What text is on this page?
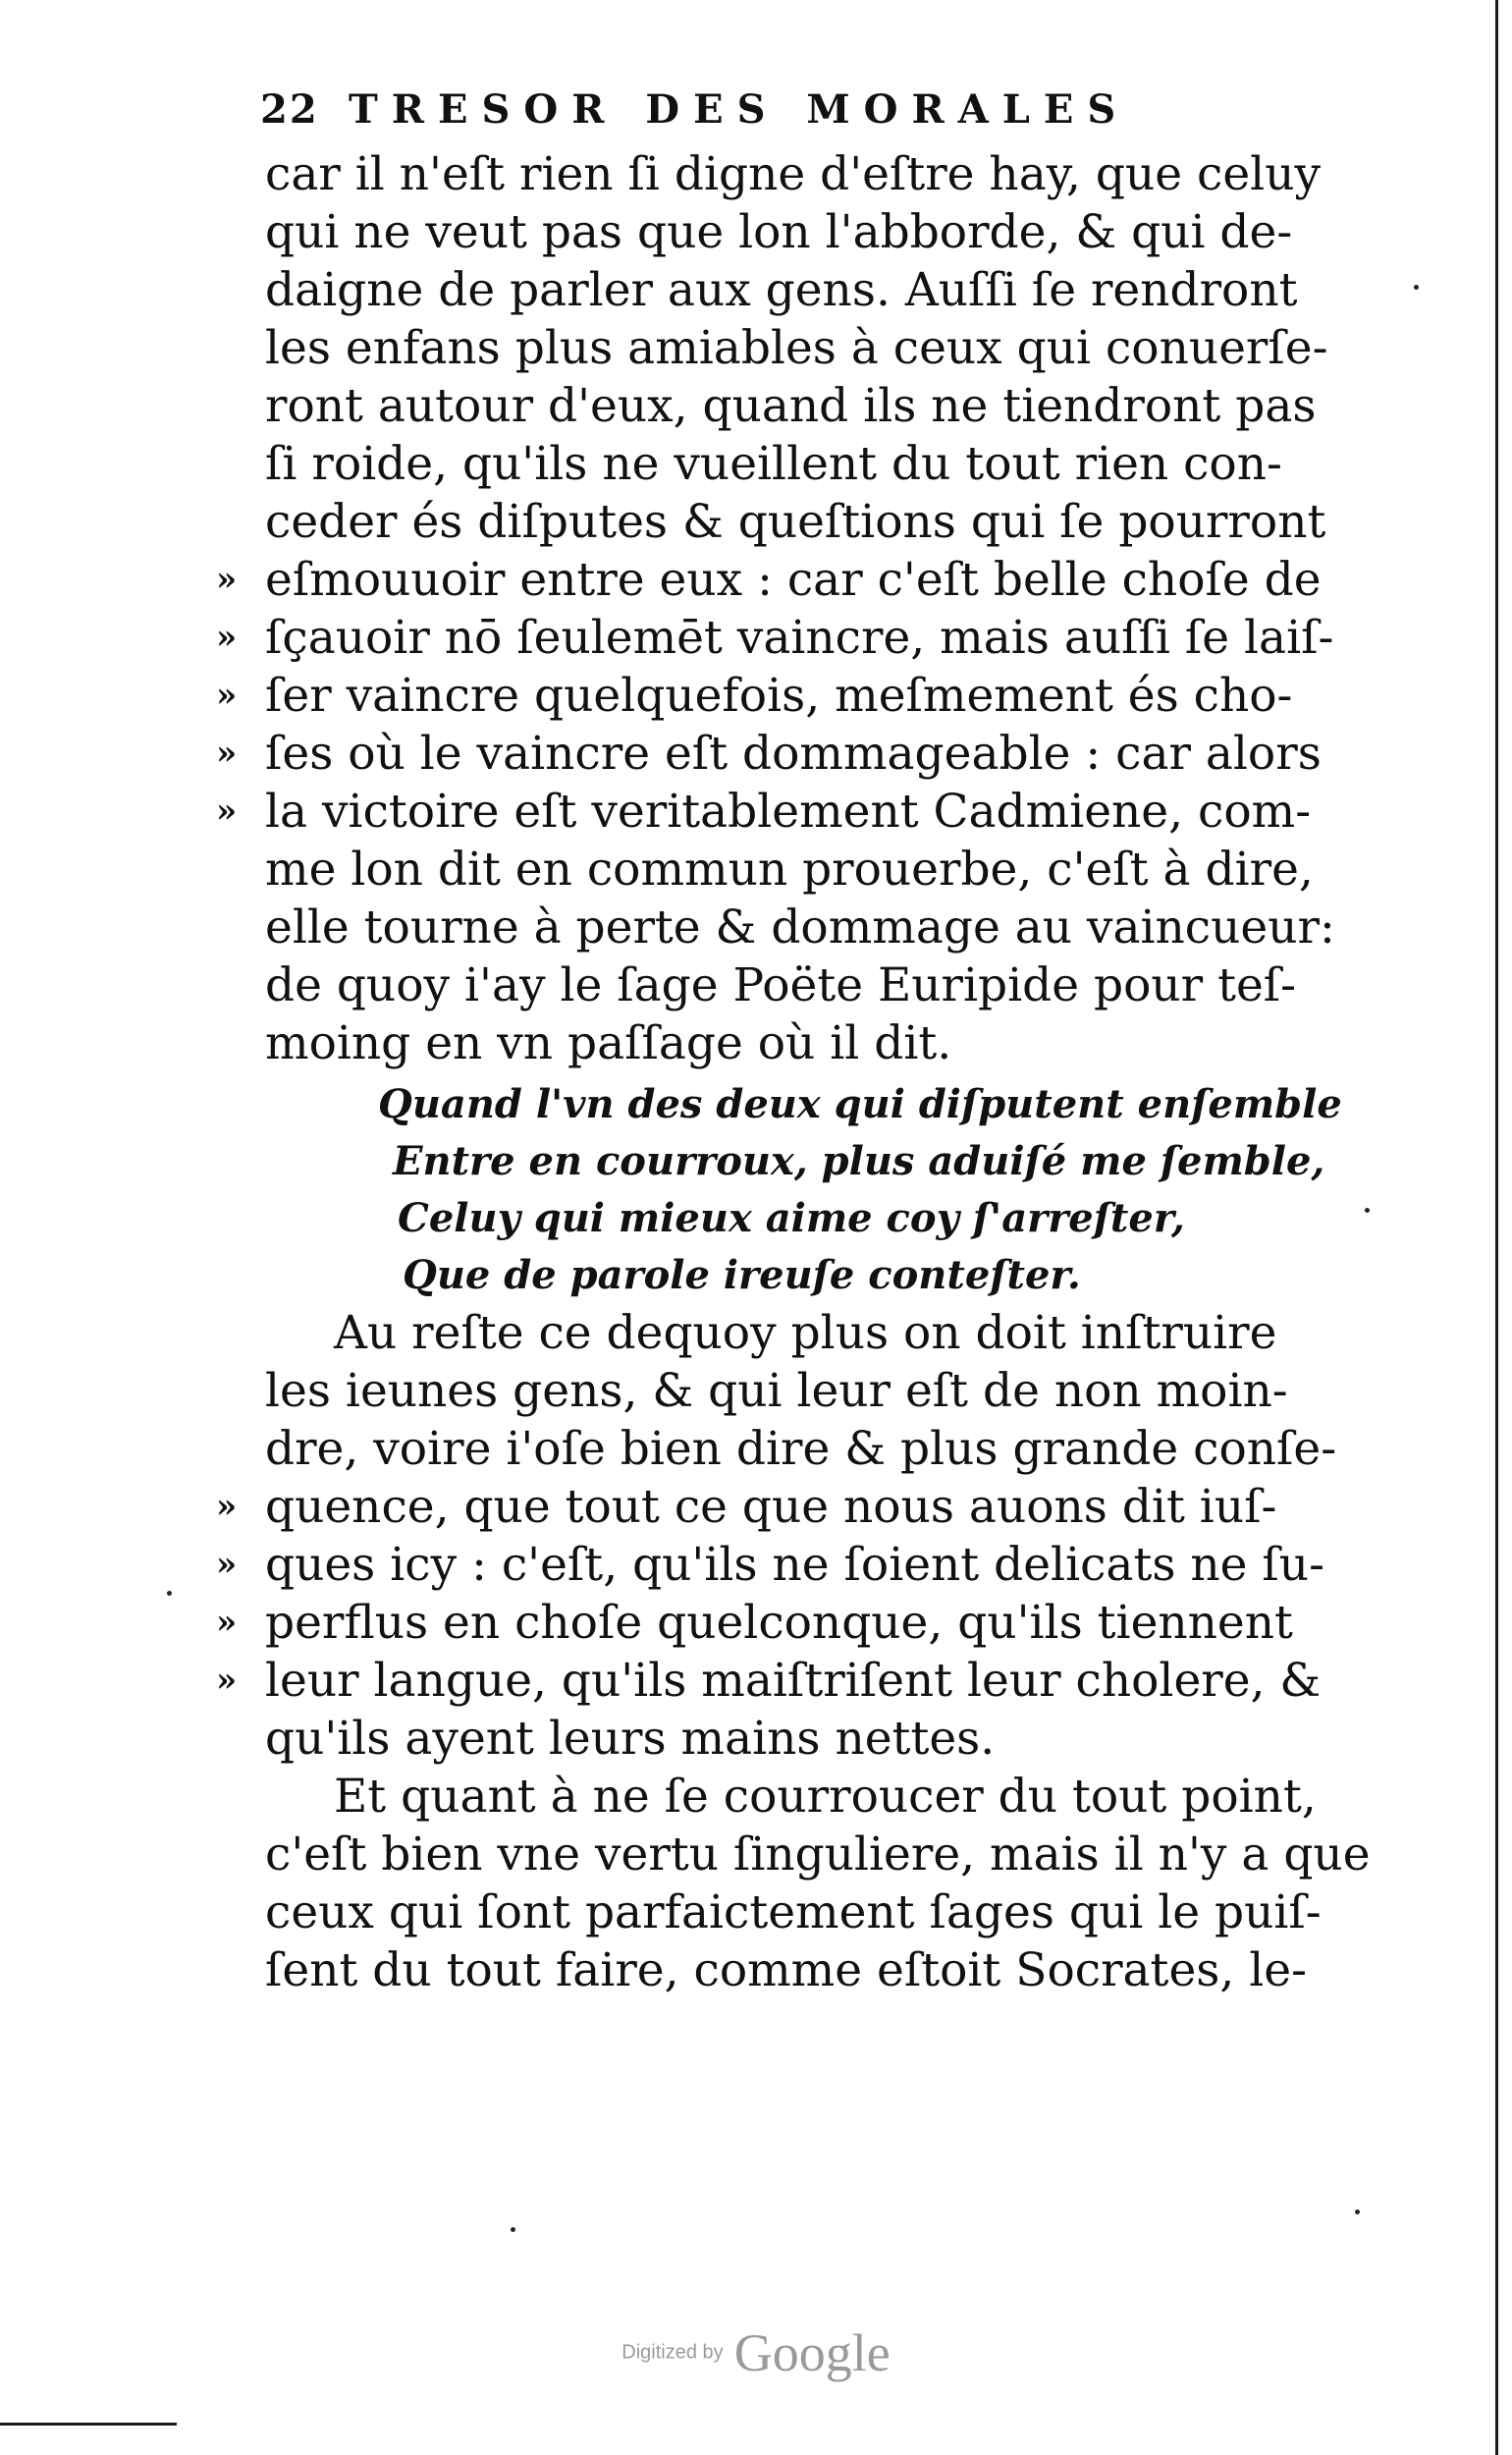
22 TRESOR DES MORALES
car il n'eſt rien ſi digne d'eſtre hay, que celuy
qui ne veut pas que lon l'abborde, & qui de-
daigne de parler aux gens. Auſſi ſe rendront
les enfans plus amiables à ceux qui conuerſe-
ront autour d'eux, quand ils ne tiendront pas
ſi roide, qu'ils ne vueillent du tout rien con-
ceder és diſputes & queſtions qui ſe pourront
» eſmouuoir entre eux : car c'eſt belle choſe de
» ſçauoir nō ſeulemēt vaincre, mais auſſi ſe laiſ-
» ſer vaincre quelquefois, meſmement és cho-
» ſes où le vaincre eſt dommageable : car alors
» la victoire eſt veritablement Cadmiene, com-
me lon dit en commun prouerbe, c'eſt à dire,
elle tourne à perte & dommage au vaincueur:
de quoy i'ay le ſage Poëte Euripide pour teſ-
moing en vn paſſage où il dit.
Quand l'vn des deux qui diſputent enſemble
Entre en courroux, plus aduiſé me ſemble,
Celuy qui mieux aime coy ſ'arreſter,
Que de parole ireuſe conteſter.
Au reſte ce dequoy plus on doit inſtruire
les ieunes gens, & qui leur eſt de non moin-
dre, voire i'oſe bien dire & plus grande conſe-
» quence, que tout ce que nous auons dit iuſ-
» ques icy : c'eſt, qu'ils ne ſoient delicats ne ſu-
» perflus en choſe quelconque, qu'ils tiennent
» leur langue, qu'ils maiſtriſent leur cholere, &
qu'ils ayent leurs mains nettes.
Et quant à ne ſe courroucer du tout point,
c'eſt bien vne vertu ſinguliere, mais il n'y a que
ceux qui ſont parfaictement ſages qui le puiſ-
ſent du tout faire, comme eſtoit Socrates, le-
Digitized by Google
